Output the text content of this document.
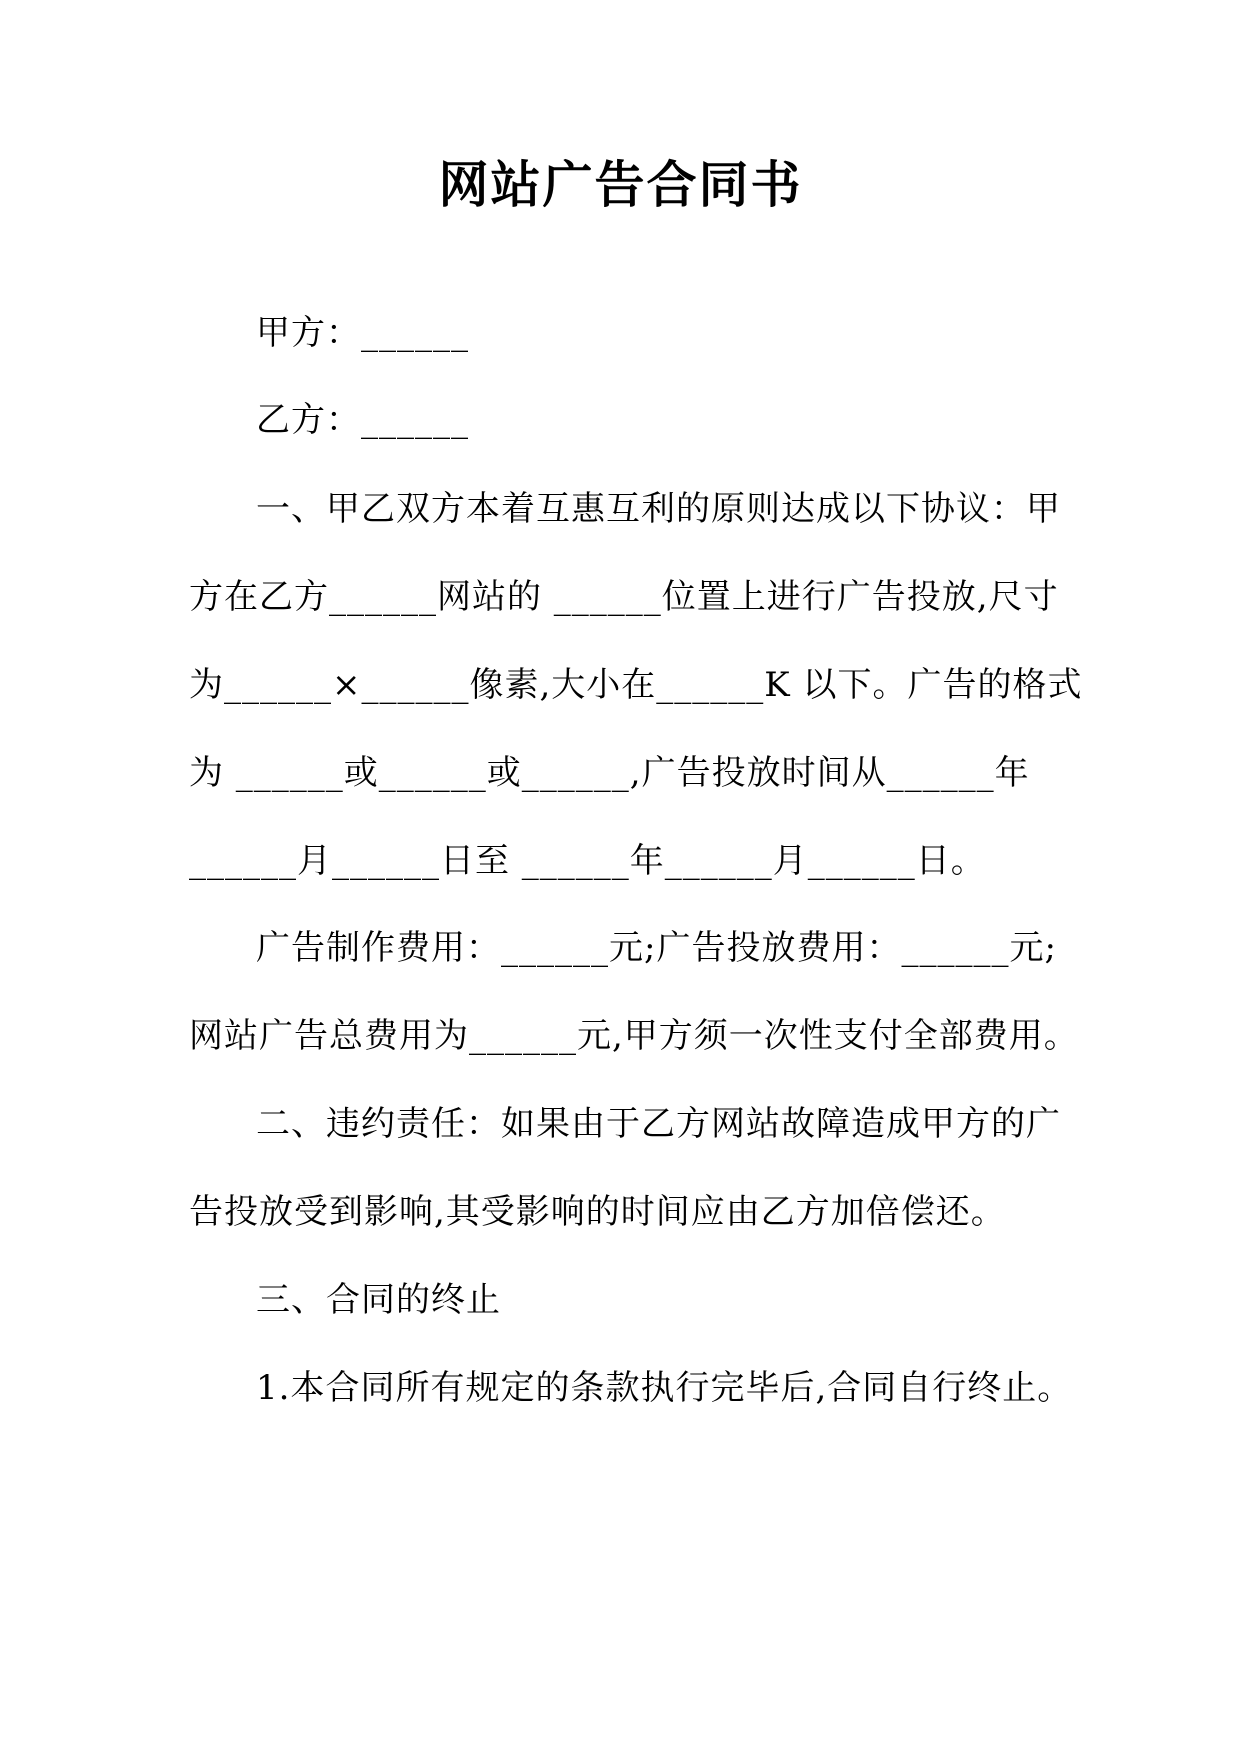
网站广告合同书
甲方：______
乙方：______
一、甲乙双方本着互惠互利的原则达成以下协议：甲
方在乙方______网站的 ______位置上进行广告投放,尺寸
为______×______像素,大小在______K 以下。广告的格式
为 ______或______或______,广告投放时间从______年
______月______日至 ______年______月______日。
广告制作费用：______元;广告投放费用：______元;
网站广告总费用为______元,甲方须一次性支付全部费用。
二、违约责任：如果由于乙方网站故障造成甲方的广
告投放受到影响,其受影响的时间应由乙方加倍偿还。
三、合同的终止
1.本合同所有规定的条款执行完毕后,合同自行终止。
